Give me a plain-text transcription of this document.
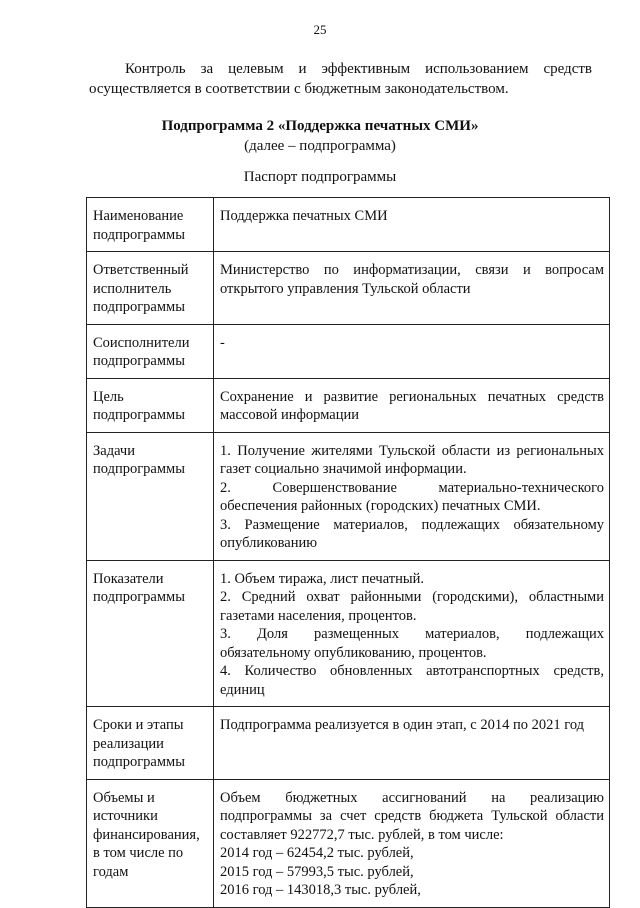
25
Контроль за целевым и эффективным использованием средств осуществляется в соответствии с бюджетным законодательством.
Подпрограмма 2 «Поддержка печатных СМИ»
(далее – подпрограмма)
Паспорт подпрограммы
Наименование подпрограммы	Поддержка печатных СМИ

Ответственный исполнитель подпрограммы	Министерство по информатизации, связи и вопросам открытого управления Тульской области

Соисполнители подпрограммы	-

Цель подпрограммы	Сохранение и развитие региональных печатных средств массовой информации

Задачи подпрограммы	1. Получение жителями Тульской области из региональных газет социально значимой информации.
2. Совершенствование материально-технического обеспечения районных (городских) печатных СМИ.
3. Размещение материалов, подлежащих обязательному опубликованию

Показатели подпрограммы	1. Объем тиража, лист печатный.
2. Средний охват районными (городскими), областными газетами населения, процентов.
3. Доля размещенных материалов, подлежащих обязательному опубликованию, процентов.
4. Количество обновленных автотранспортных средств, единиц

Сроки и этапы реализации подпрограммы	Подпрограмма реализуется в один этап, с 2014 по 2021 год

Объемы и источники финансирования, в том числе по годам	Объем бюджетных ассигнований на реализацию подпрограммы за счет средств бюджета Тульской области составляет 922772,7 тыс. рублей, в том числе:
2014 год – 62454,2 тыс. рублей,
2015 год – 57993,5 тыс. рублей,
2016 год – 143018,3 тыс. рублей,
